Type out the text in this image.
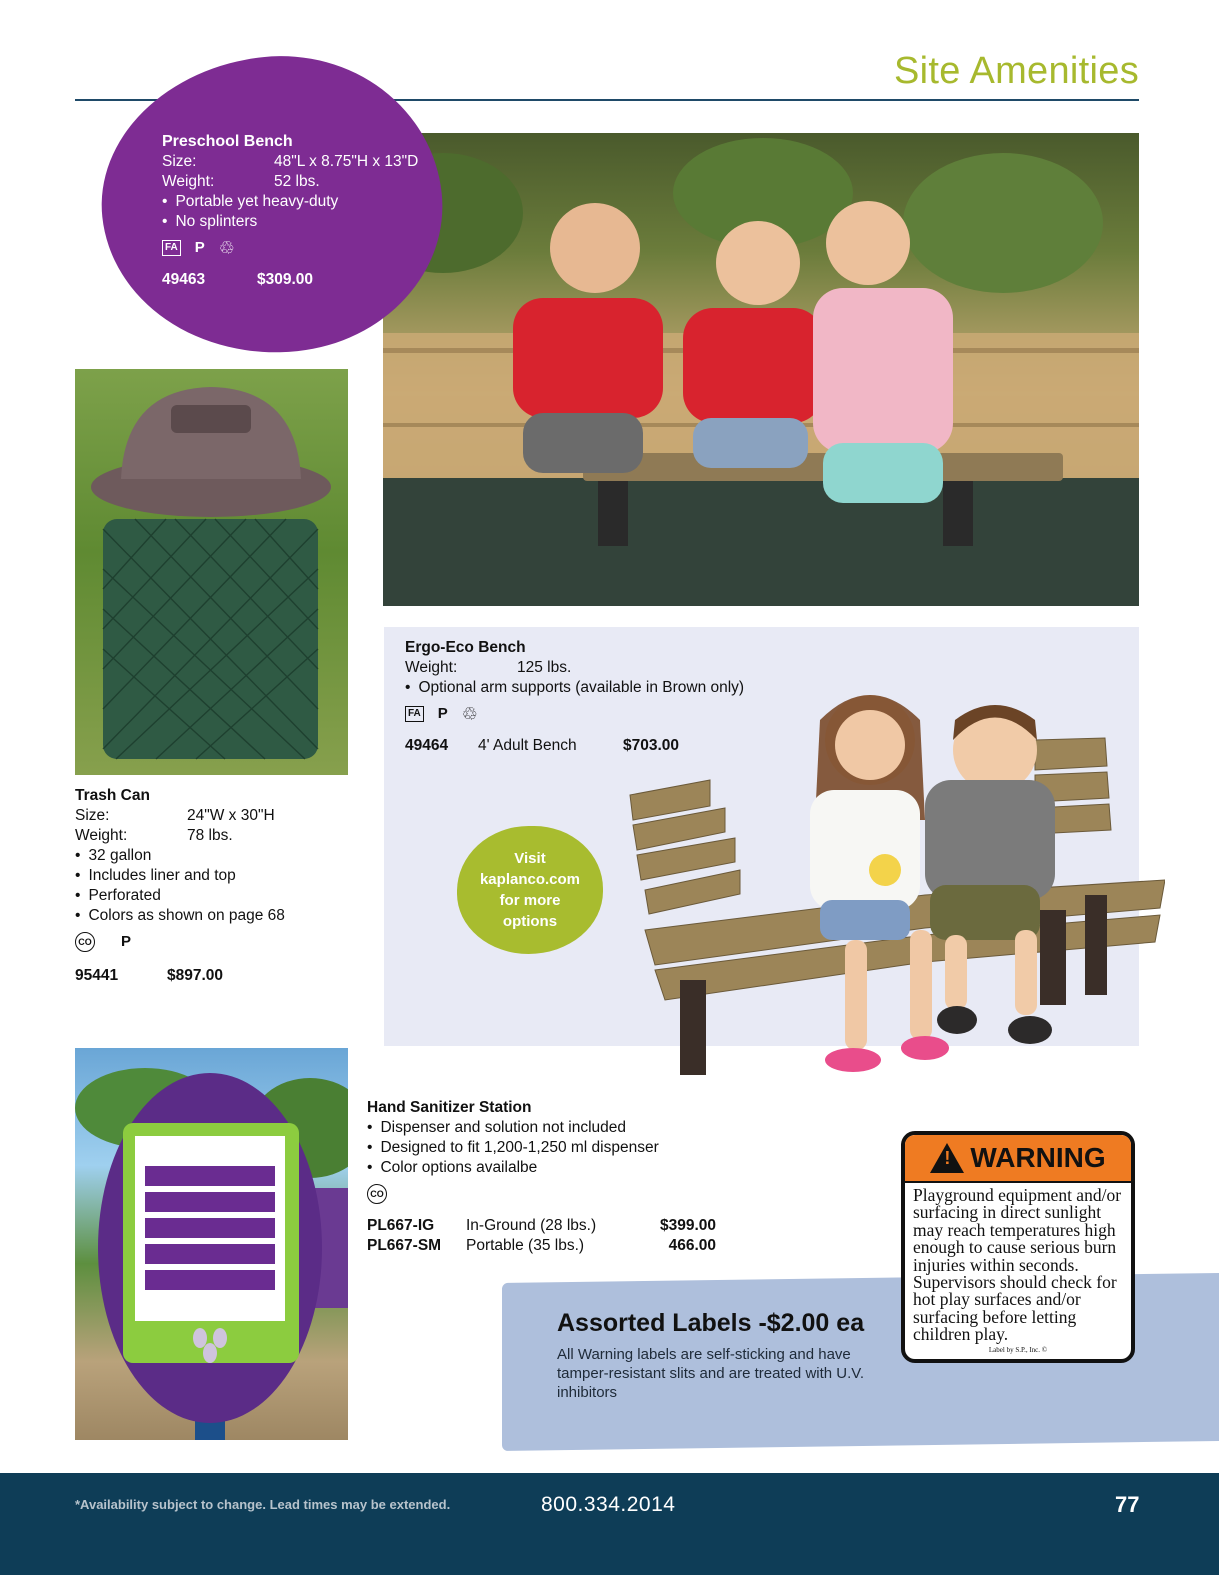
Site Amenities
Preschool Bench
Size:	48"L x 8.75"H x 13"D
Weight:	52 lbs.
• Portable yet heavy-duty
• No splinters
FA P ♲
49463	$309.00
Trash Can
Size:	24"W x 30"H
Weight:	78 lbs.
• 32 gallon
• Includes liner and top
• Perforated
• Colors as shown on page 68
CO P
95441	$897.00
Ergo-Eco Bench
Weight:	125 lbs.
• Optional arm supports (available in Brown only)
FA P ♲
49464	4' Adult Bench	$703.00
Visit
kaplanco.com
for more
options
Hand Sanitizer Station
• Dispenser and solution not included
• Designed to fit 1,200-1,250 ml dispenser
• Color options availalbe
CO
PL667-IG	In-Ground (28 lbs.)	$399.00
PL667-SM	Portable (35 lbs.)	466.00
Assorted Labels -$2.00 ea
All Warning labels are self-sticking and have tamper-resistant slits and are treated with U.V. inhibitors
!
WARNING
Playground equipment and/or surfacing in direct sunlight may reach temperatures high enough to cause serious burn injuries within seconds. Supervisors should check for hot play surfaces and/or surfacing before letting children play.
Label by S.P., Inc. ©
*Availability subject to change. Lead times may be extended.	800.334.2014	77
